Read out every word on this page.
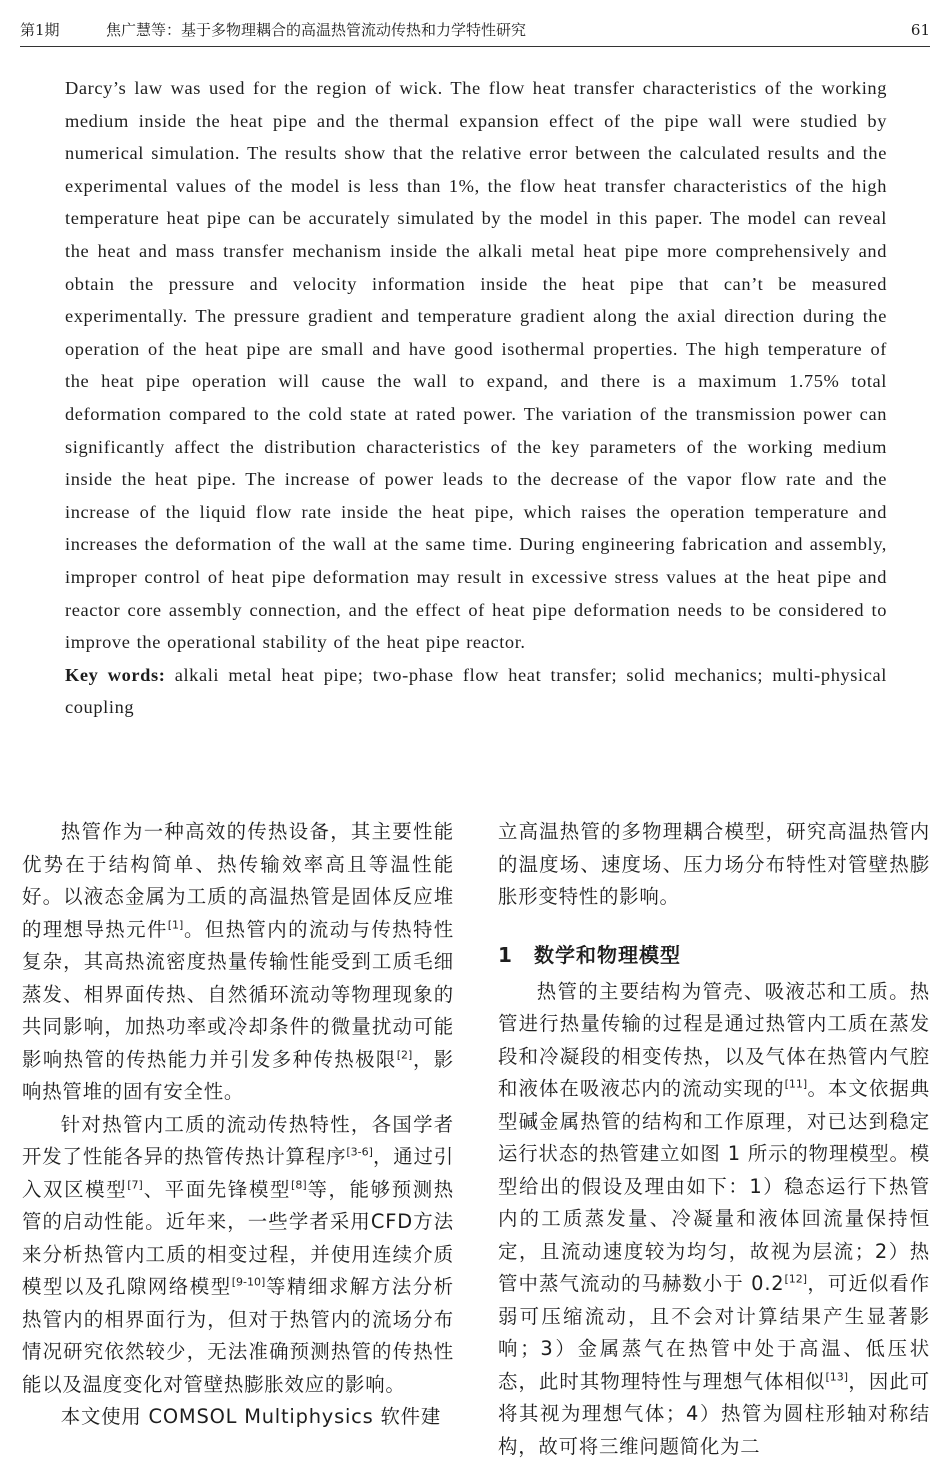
第1期	焦广慧等：基于多物理耦合的高温热管流动传热和力学特性研究	61

Darcy’s law was used for the region of wick. The flow heat transfer characteristics of the working medium inside the heat pipe and the thermal expansion effect of the pipe wall were studied by numerical simulation. The results show that the relative error between the calculated results and the experimental values of the model is less than 1%, the flow heat transfer characteristics of the high temperature heat pipe can be accurately simulated by the model in this paper. The model can reveal the heat and mass transfer mechanism inside the alkali metal heat pipe more comprehensively and obtain the pressure and velocity information inside the heat pipe that can’t be measured experimentally. The pressure gradient and temperature gradient along the axial direction during the operation of the heat pipe are small and have good isothermal properties. The high temperature of the heat pipe operation will cause the wall to expand, and there is a maximum 1.75% total deformation compared to the cold state at rated power. The variation of the transmission power can significantly affect the distribution characteristics of the key parameters of the working medium inside the heat pipe. The increase of power leads to the decrease of the vapor flow rate and the increase of the liquid flow rate inside the heat pipe, which raises the operation temperature and increases the deformation of the wall at the same time. During engineering fabrication and assembly, improper control of heat pipe deformation may result in excessive stress values at the heat pipe and reactor core assembly connection, and the effect of heat pipe deformation needs to be considered to improve the operational stability of the heat pipe reactor.

Key words: alkali metal heat pipe; two-phase flow heat transfer; solid mechanics; multi-physical coupling

热管作为一种高效的传热设备，其主要性能优势在于结构简单、热传输效率高且等温性能好。以液态金属为工质的高温热管是固体反应堆的理想导热元件[1]。但热管内的流动与传热特性复杂，其高热流密度热量传输性能受到工质毛细蒸发、相界面传热、自然循环流动等物理现象的共同影响，加热功率或冷却条件的微量扰动可能影响热管的传热能力并引发多种传热极限[2]，影响热管堆的固有安全性。

针对热管内工质的流动传热特性，各国学者开发了性能各异的热管传热计算程序[3-6]，通过引入双区模型[7]、平面先锋模型[8]等，能够预测热管的启动性能。近年来，一些学者采用CFD方法来分析热管内工质的相变过程，并使用连续介质模型以及孔隙网络模型[9-10]等精细求解方法分析热管内的相界面行为，但对于热管内的流场分布情况研究依然较少，无法准确预测热管的传热性能以及温度变化对管壁热膨胀效应的影响。

本文使用 COMSOL Multiphysics 软件建

立高温热管的多物理耦合模型，研究高温热管内的温度场、速度场、压力场分布特性对管壁热膨胀形变特性的影响。

1 数学和物理模型

热管的主要结构为管壳、吸液芯和工质。热管进行热量传输的过程是通过热管内工质在蒸发段和冷凝段的相变传热，以及气体在热管内气腔和液体在吸液芯内的流动实现的[11]。本文依据典型碱金属热管的结构和工作原理，对已达到稳定运行状态的热管建立如图 1 所示的物理模型。模型给出的假设及理由如下：1）稳态运行下热管内的工质蒸发量、冷凝量和液体回流量保持恒定，且流动速度较为均匀，故视为层流；2）热管中蒸气流动的马赫数小于 0.2[12]，可近似看作弱可压缩流动，且不会对计算结果产生显著影响；3）金属蒸气在热管中处于高温、低压状态，此时其物理特性与理想气体相似[13]，因此可将其视为理想气体；4）热管为圆柱形轴对称结构，故可将三维问题简化为二
